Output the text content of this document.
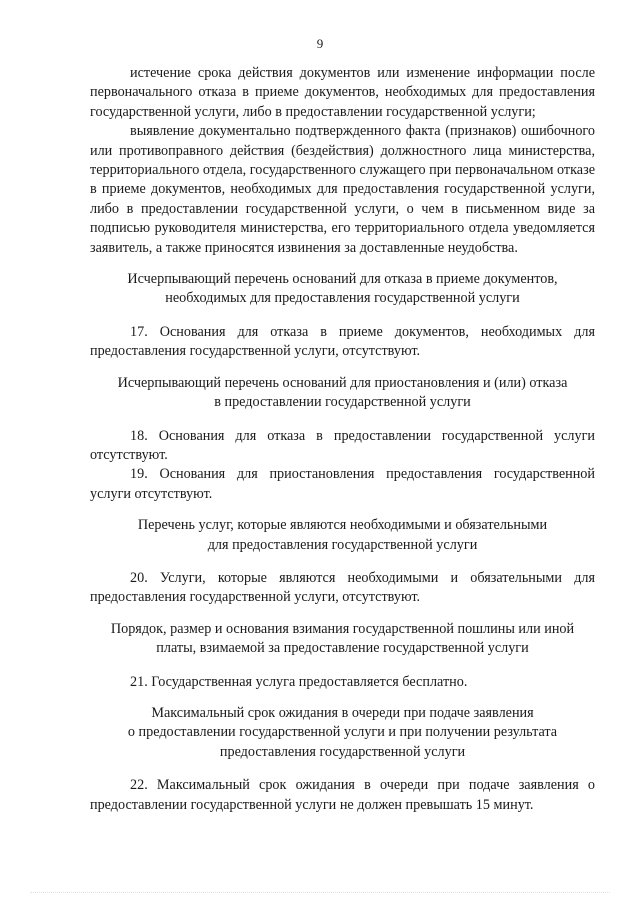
9

истечение срока действия документов или изменение информации после первоначального отказа в приеме документов, необходимых для предоставления государственной услуги, либо в предоставлении государственной услуги;

выявление документально подтвержденного факта (признаков) ошибочного или противоправного действия (бездействия) должностного лица министерства, территориального отдела, государственного служащего при первоначальном отказе в приеме документов, необходимых для предоставления государственной услуги, либо в предоставлении государственной услуги, о чем в письменном виде за подписью руководителя министерства, его территориального отдела уведомляется заявитель, а также приносятся извинения за доставленные неудобства.

Исчерпывающий перечень оснований для отказа в приеме документов,
необходимых для предоставления государственной услуги

17. Основания для отказа в приеме документов, необходимых для предоставления государственной услуги, отсутствуют.

Исчерпывающий перечень оснований для приостановления и (или) отказа
в предоставлении государственной услуги

18. Основания для отказа в предоставлении государственной услуги отсутствуют.

19. Основания для приостановления предоставления государственной услуги отсутствуют.

Перечень услуг, которые являются необходимыми и обязательными
для предоставления государственной услуги

20. Услуги, которые являются необходимыми и обязательными для предоставления государственной услуги, отсутствуют.

Порядок, размер и основания взимания государственной пошлины или иной
платы, взимаемой за предоставление государственной услуги

21. Государственная услуга предоставляется бесплатно.

Максимальный срок ожидания в очереди при подаче заявления
о предоставлении государственной услуги и при получении результата
предоставления государственной услуги

22. Максимальный срок ожидания в очереди при подаче заявления о предоставлении государственной услуги не должен превышать 15 минут.
